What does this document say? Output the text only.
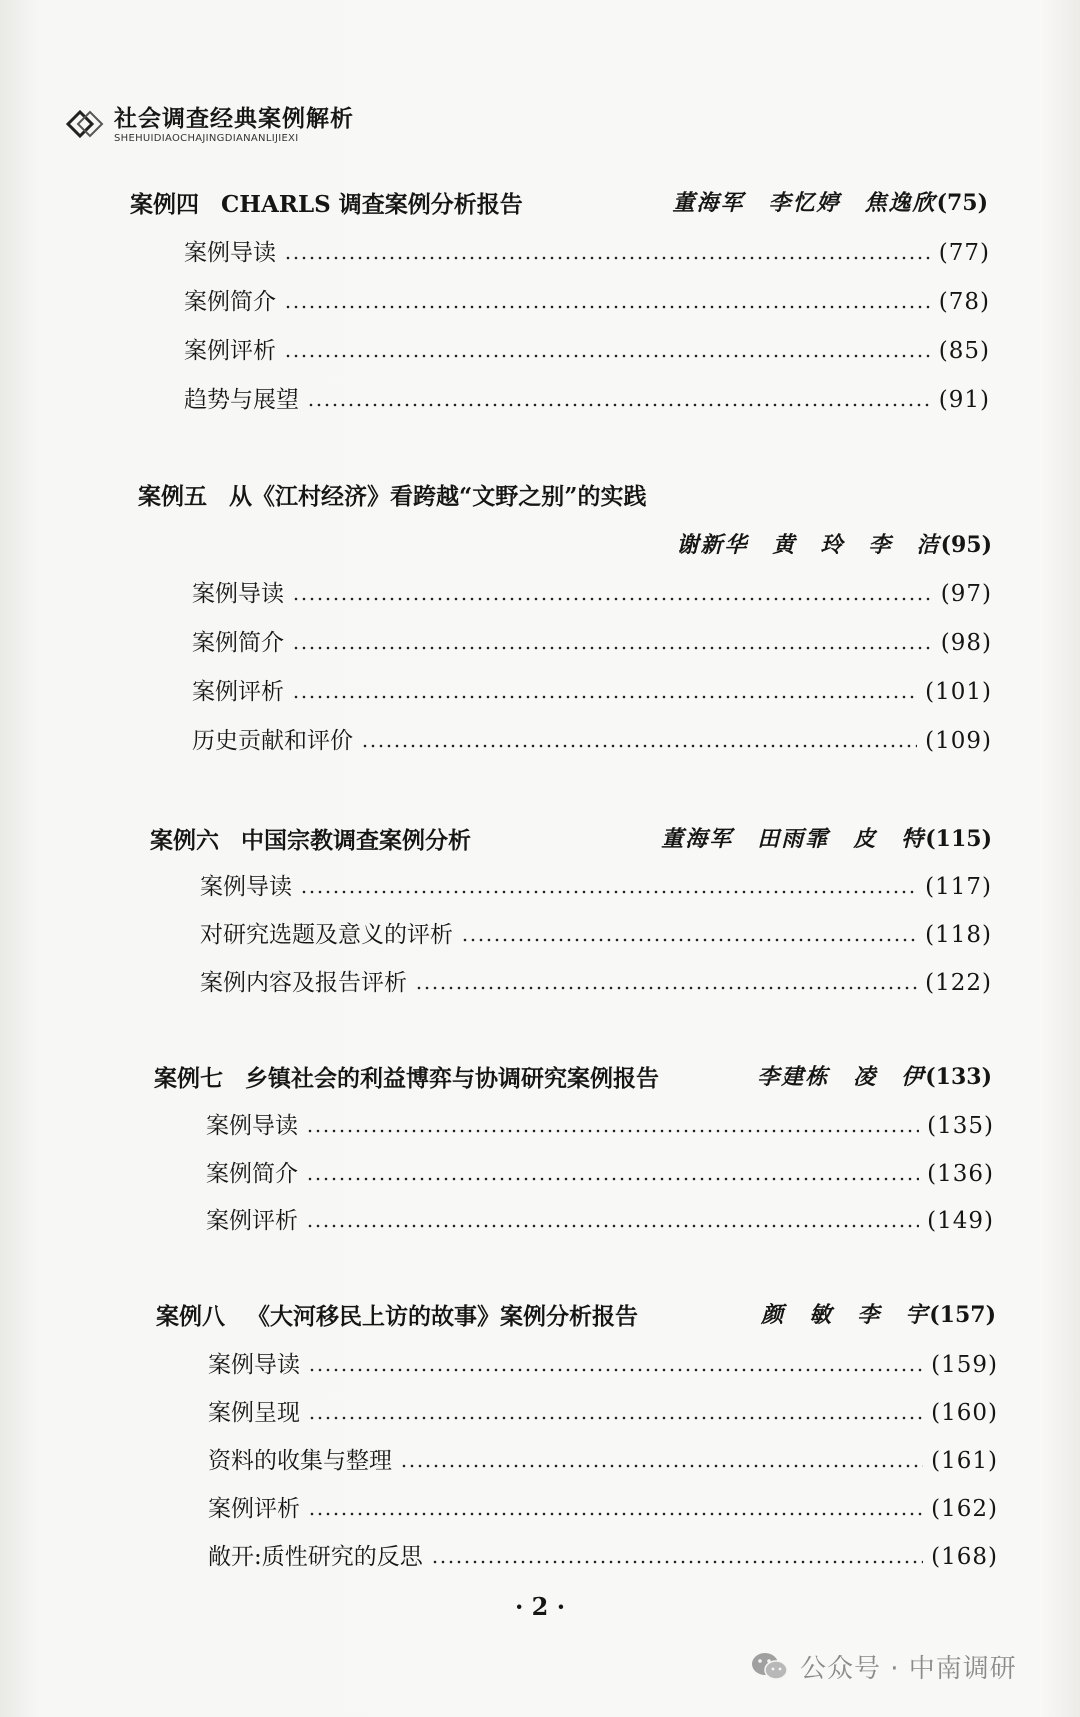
社会调查经典案例解析
SHEHUIDIAOCHAJINGDIANANLIJIEXI
案例四 CHARLS 调查案例分析报告	董海军　李忆婷　焦逸欣(75)
案例导读	(77)
案例简介	(78)
案例评析	(85)
趋势与展望	(91)
案例五 从《江村经济》看跨越“文野之别”的实践
谢新华　黄　玲　李　洁(95)
案例导读	(97)
案例简介	(98)
案例评析	(101)
历史贡献和评价	(109)
案例六 中国宗教调查案例分析	董海军　田雨霏　皮　特(115)
案例导读	(117)
对研究选题及意义的评析	(118)
案例内容及报告评析	(122)
案例七 乡镇社会的利益博弈与协调研究案例报告	李建栋　凌　伊(133)
案例导读	(135)
案例简介	(136)
案例评析	(149)
案例八 《大河移民上访的故事》案例分析报告	颜　敏　李　宇(157)
案例导读	(159)
案例呈现	(160)
资料的收集与整理	(161)
案例评析	(162)
敞开:质性研究的反思	(168)
· 2 ·
公众号 · 中南调研
